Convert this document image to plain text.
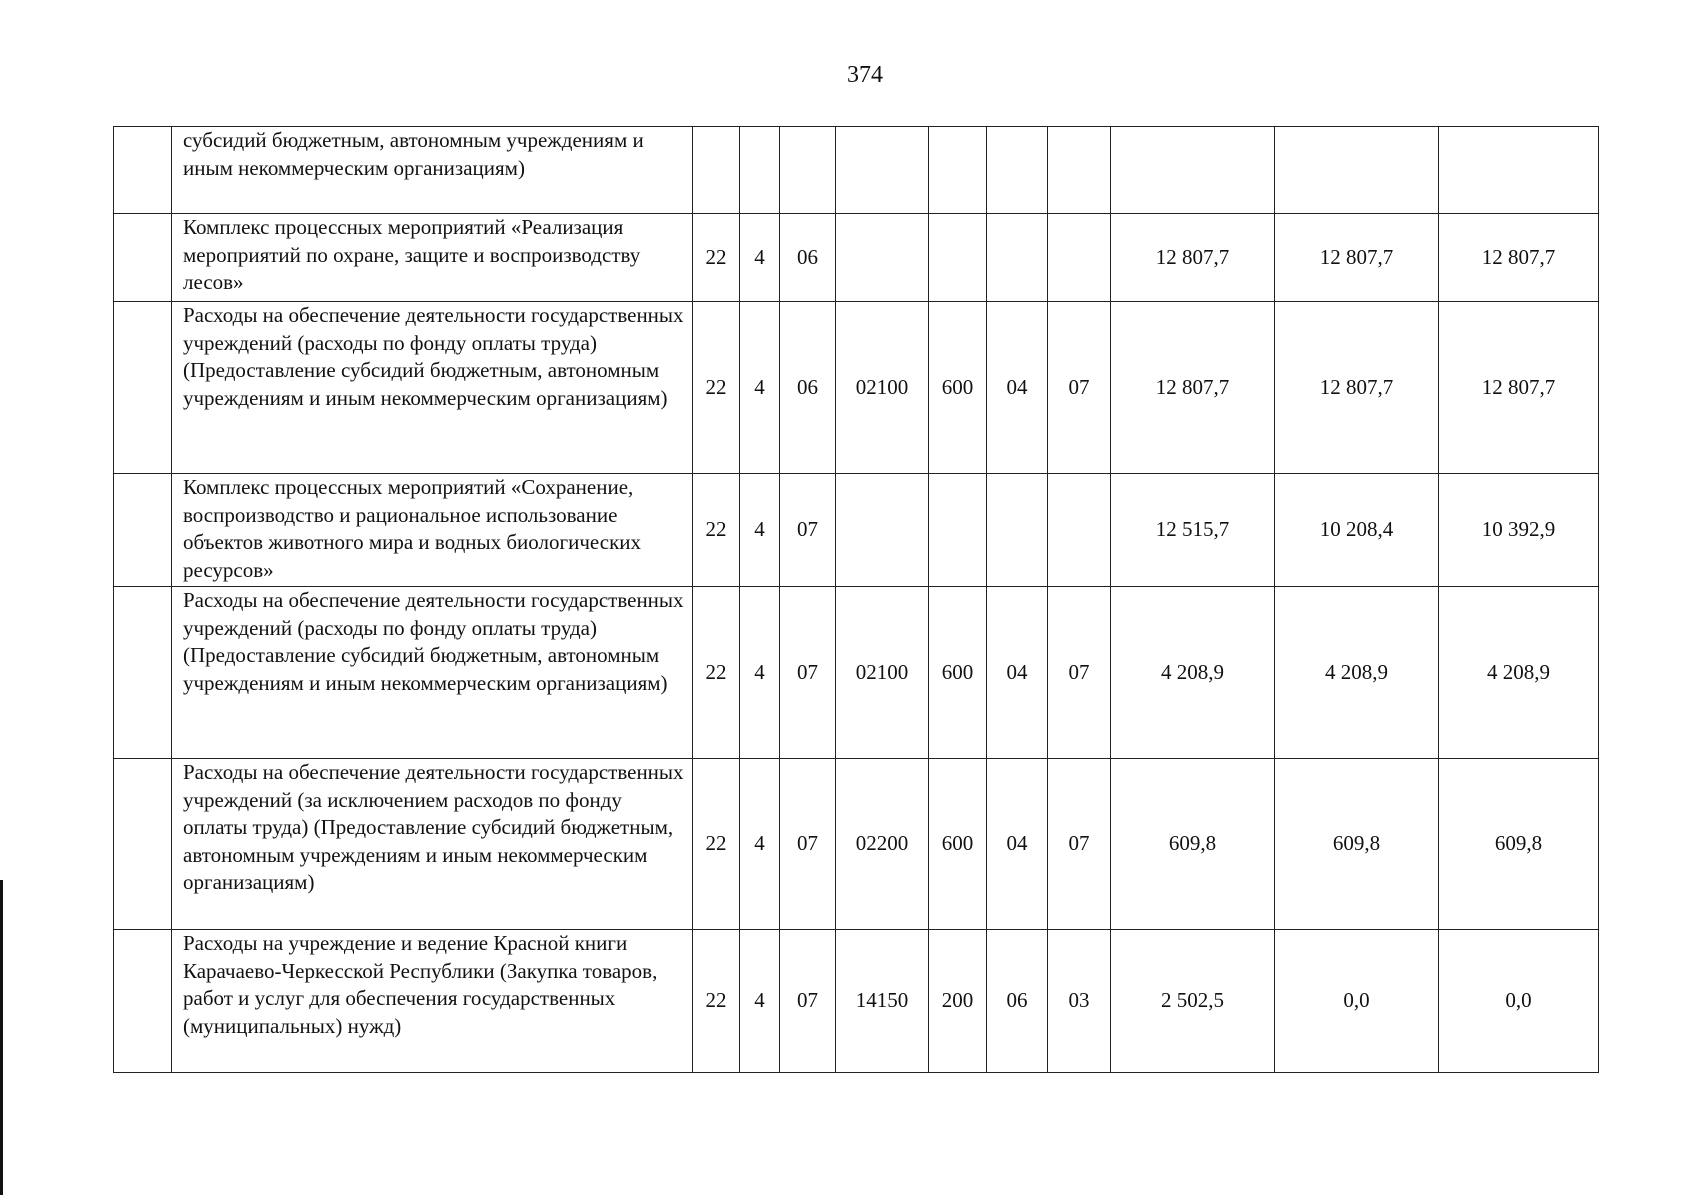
374
	субсидий бюджетным, автономным учреждениям и иным некоммерческим организациям)										
	Комплекс процессных мероприятий «Реализация мероприятий по охране, защите и воспроизводству лесов»	22	4	06					12 807,7	12 807,7	12 807,7
	Расходы на обеспечение деятельности государственных учреждений (расходы по фонду оплаты труда) (Предоставление субсидий бюджетным, автономным учреждениям и иным некоммерческим организациям)	22	4	06	02100	600	04	07	12 807,7	12 807,7	12 807,7
	Комплекс процессных мероприятий «Сохранение, воспроизводство и рациональное использование объектов животного мира и водных биологических ресурсов»	22	4	07					12 515,7	10 208,4	10 392,9
	Расходы на обеспечение деятельности государственных учреждений (расходы по фонду оплаты труда) (Предоставление субсидий бюджетным, автономным учреждениям и иным некоммерческим организациям)	22	4	07	02100	600	04	07	4 208,9	4 208,9	4 208,9
	Расходы на обеспечение деятельности государственных учреждений (за исключением расходов по фонду оплаты труда) (Предоставление субсидий бюджетным, автономным учреждениям и иным некоммерческим организациям)	22	4	07	02200	600	04	07	609,8	609,8	609,8
	Расходы на учреждение и ведение Красной книги Карачаево-Черкесской Республики (Закупка товаров, работ и услуг для обеспечения государственных (муниципальных) нужд)	22	4	07	14150	200	06	03	2 502,5	0,0	0,0
